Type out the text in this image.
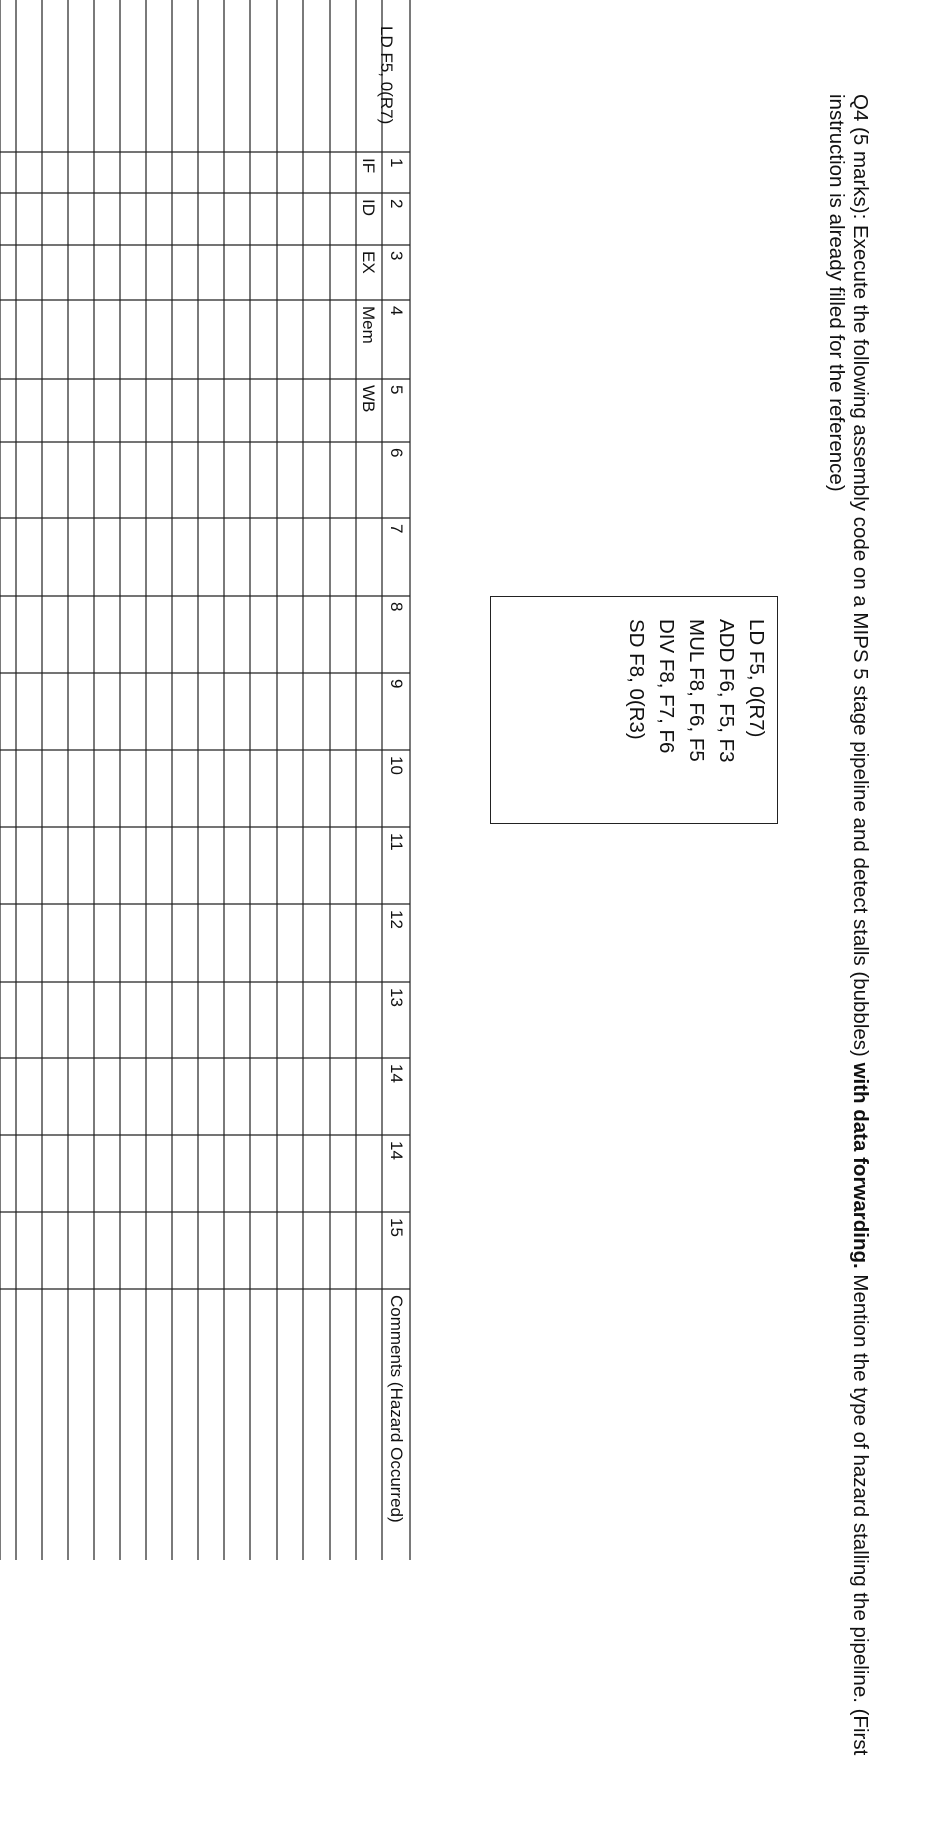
Q4 (5 marks): Execute the following assembly code on a MIPS 5 stage pipeline and detect stalls (bubbles) with data forwarding. Mention the type of hazard stalling the pipeline. (First instruction is already filled for the reference)
LD F5, 0(R7)
ADD F6, F5, F3
MUL F8, F6, F5
DIV F8, F7, F6
SD F8, 0(R3)
1
2
3
4
5
6
7
8
9
10
11
12
13
14
14
15
LD F5, 0(R7)
IF
ID
EX
Mem
WB
Comments (Hazard Occurred)
